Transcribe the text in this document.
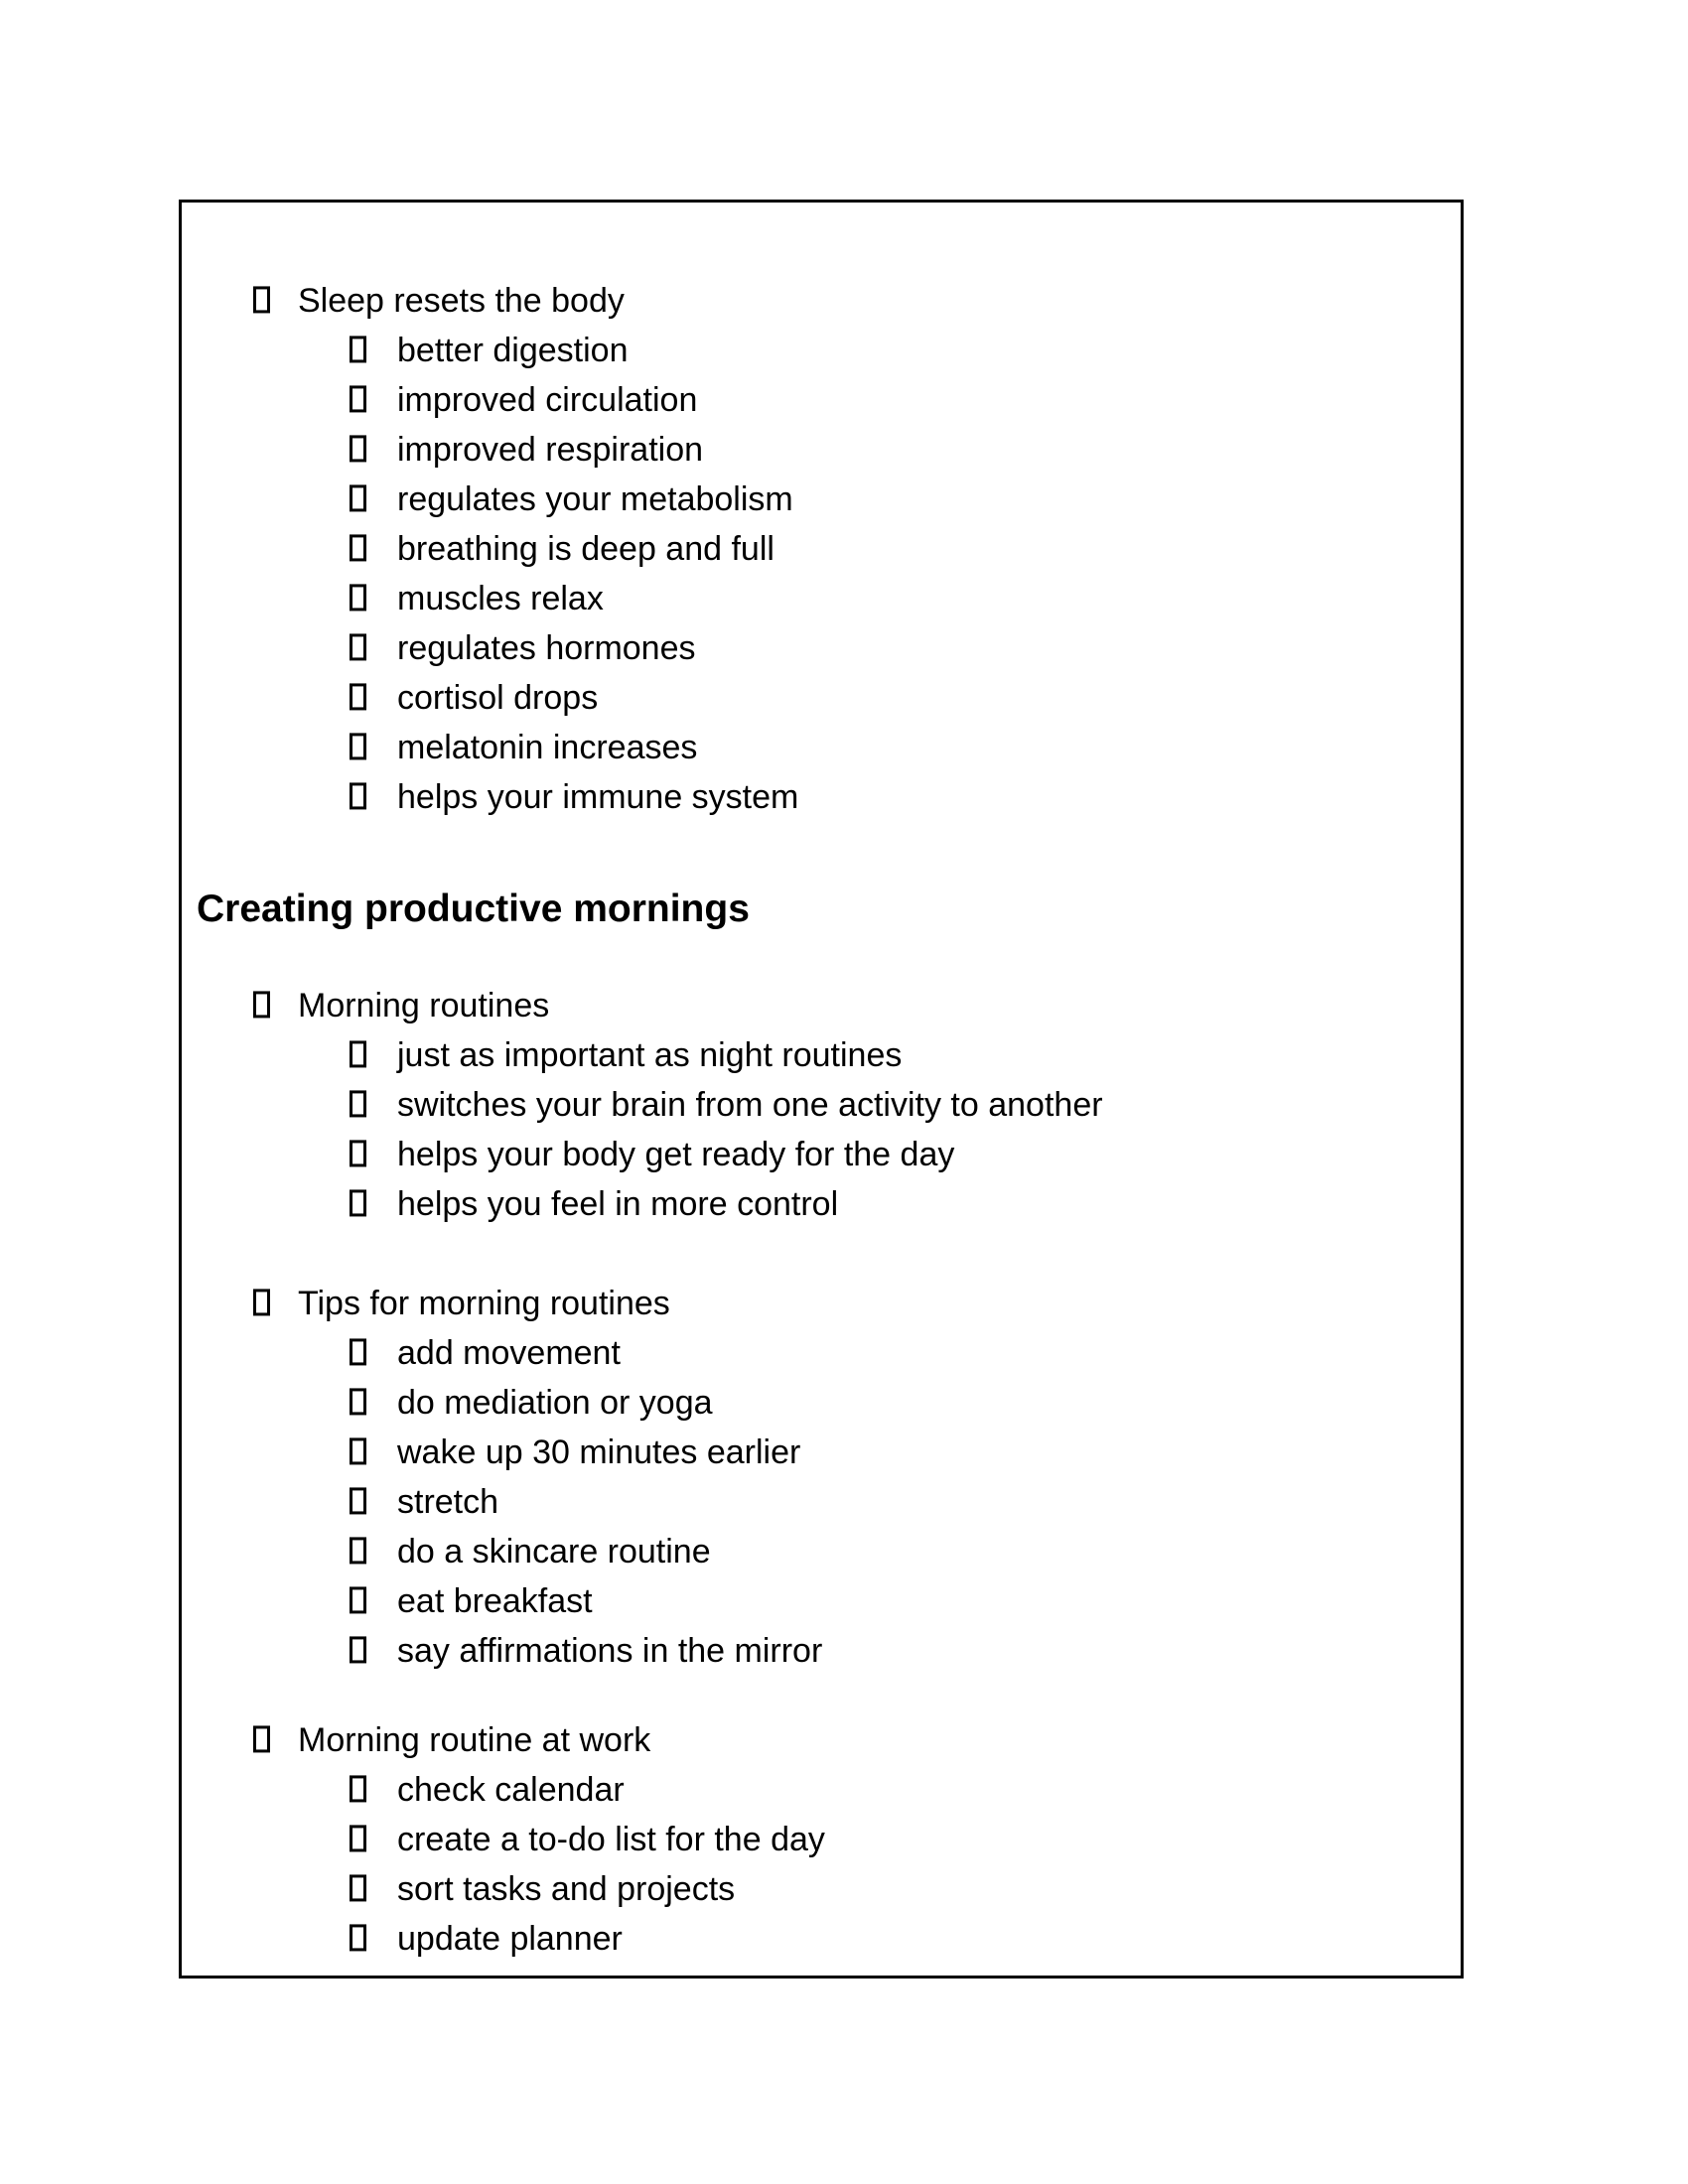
Sleep resets the body
better digestion
improved circulation
improved respiration
regulates your metabolism
breathing is deep and full
muscles relax
regulates hormones
cortisol drops
melatonin increases
helps your immune system
Creating productive mornings
Morning routines
just as important as night routines
switches your brain from one activity to another
helps your body get ready for the day
helps you feel in more control
Tips for morning routines
add movement
do mediation or yoga
wake up 30 minutes earlier
stretch
do a skincare routine
eat breakfast
say affirmations in the mirror
Morning routine at work
check calendar
create a to-do list for the day
sort tasks and projects
update planner
